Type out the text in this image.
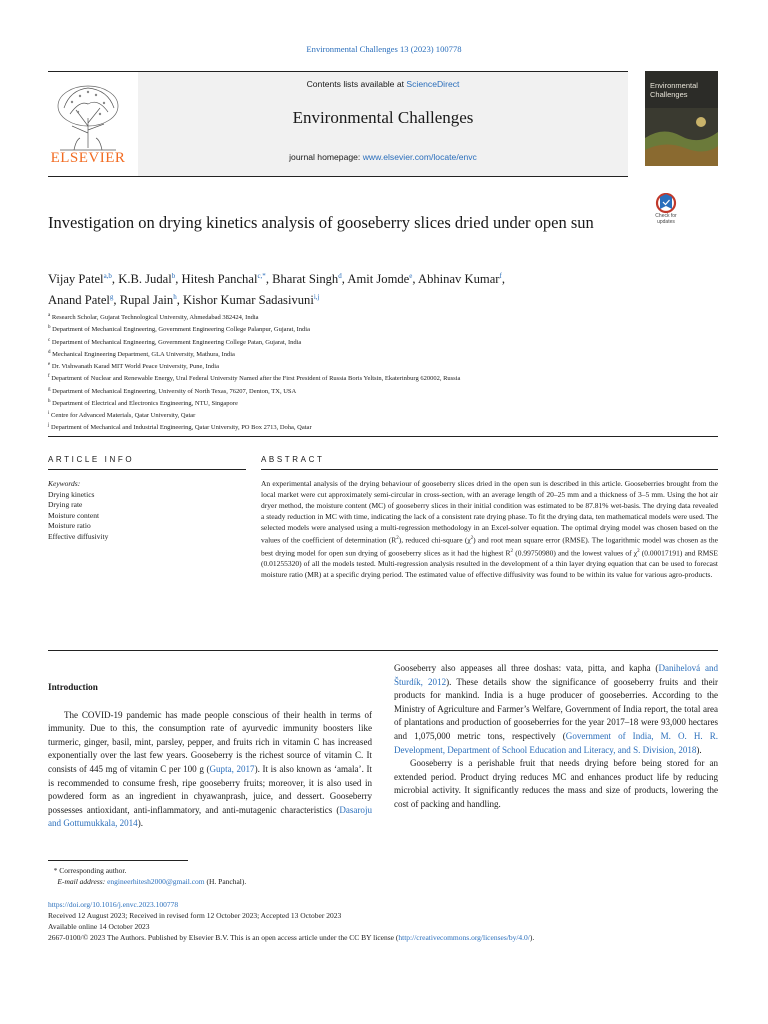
Environmental Challenges 13 (2023) 100778
ELSEVIER
Contents lists available at ScienceDirect
Environmental Challenges
journal homepage: www.elsevier.com/locate/envc
Environmental Challenges
Check for updates
Investigation on drying kinetics analysis of gooseberry slices dried under open sun
Vijay Patel$^{a,b}$, K.B. Judal$^b$, Hitesh Panchal$^{c,*}$, Bharat Singh$^d$, Amit Jomde$^e$, Abhinav Kumar$^f$,
Anand Patel$^g$, Rupal Jain$^h$, Kishor Kumar Sadasivuni$^{i,j}$
$^a$ Research Scholar, Gujarat Technological University, Ahmedabad 382424, India
$^b$ Department of Mechanical Engineering, Government Engineering College Palanpur, Gujarat, India
$^c$ Department of Mechanical Engineering, Government Engineering College Patan, Gujarat, India
$^d$ Mechanical Engineering Department, GLA University, Mathura, India
$^e$ Dr. Vishwanath Karad MIT World Peace University, Pune, India
$^f$ Department of Nuclear and Renewable Energy, Ural Federal University Named after the First President of Russia Boris Yeltsin, Ekaterinburg 620002, Russia
$^g$ Department of Mechanical Engineering, University of North Texas, 76207, Denton, TX, USA
$^h$ Department of Electrical and Electronics Engineering, NTU, Singapore
$^i$ Centre for Advanced Materials, Qatar University, Qatar
$^j$ Department of Mechanical and Industrial Engineering, Qatar University, PO Box 2713, Doha, Qatar
ARTICLE INFO	ABSTRACT
Keywords:
Drying kinetics
Drying rate
Moisture content
Moisture ratio
Effective diffusivity
An experimental analysis of the drying behaviour of gooseberry slices dried in the open sun is described in this article. Gooseberries brought from the local market were cut approximately semi-circular in cross-section, with an average length of 20–25 mm and a thickness of 3–5 mm. Using the hot air dryer method, the moisture content (MC) of gooseberry slices in their initial condition was estimated to be 87.81% wet-basis. The drying data revealed a steady reduction in MC with time, indicating the lack of a consistent rate drying phase. To fit the drying data, ten mathematical models were used. The selected models were analysed using a multi-regression methodology in an Excel-solver equation. The optimal drying model was chosen based on the values of the coefficient of determination $(R^2)$, reduced chi-square $(\chi^2)$ and root mean square error (RMSE). The logarithmic model was chosen as the best drying model for open sun drying of gooseberry slices as it had the highest $R^2$ (0.99750980) and the lowest values of $\chi^2$ (0.00017191) and RMSE (0.01255320) of all the models tested. Multi-regression analysis resulted in the development of a thin layer drying equation that can be used to forecast moisture ratio (MR) at a specific drying period. The estimated value of effective diffusivity was found to be within its value for various agro-products.
Introduction

The COVID-19 pandemic has made people conscious of their health in terms of immunity. Due to this, the consumption rate of ayurvedic immunity boosters like turmeric, ginger, basil, mint, parsley, pepper, and fruits rich in vitamin C has increased exponentially over the last few years. Gooseberry is the richest source of vitamin C. It consists of 445 mg of vitamin C per 100 g (Gupta, 2017). It is also known as ‘amala’. It is recommended to consume fresh, ripe gooseberry fruits; moreover, it is also used in powdered form as an ingredient in chyawanprash, juice, and dessert. Gooseberry possesses antioxidant, anti-inflammatory, and anti-mutagenic characteristics (Dasaroju and Gottumukkala, 2014).

Gooseberry also appeases all three doshas: vata, pitta, and kapha (Danihelová and Šturdík, 2012). These details show the significance of gooseberry fruits and their products for mankind. India is a huge producer of gooseberries. According to the Ministry of Agriculture and Farmer’s Welfare, Government of India report, the total area of plantations and production of gooseberries for the year 2017–18 were 93,000 hectares and 1,075,000 metric tons, respectively (Government of India, M. O. H. R. Development, Department of School Education and Literacy, and S. Division, 2018).

Gooseberry is a perishable fruit that needs drying before being stored for an extended period. Product drying reduces MC and enhances product life by reducing microbial activity. It significantly reduces the mass and size of products, lowering the cost of packing and handling.

* Corresponding author.
E-mail address: engineerhitesh2000@gmail.com (H. Panchal).
https://doi.org/10.1016/j.envc.2023.100778
Received 12 August 2023; Received in revised form 12 October 2023; Accepted 13 October 2023
Available online 14 October 2023
2667-0100/© 2023 The Authors. Published by Elsevier B.V. This is an open access article under the CC BY license (http://creativecommons.org/licenses/by/4.0/).
